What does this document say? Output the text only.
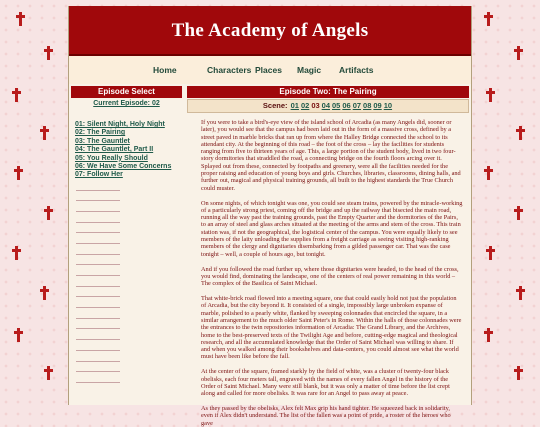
The Academy of Angels
Home	Characters Places Magic Artifacts
Episode Select	Episode Two: The Pairing
Current Episode: 02
01: Silent Night, Holy Night
02: The Pairing
03: The Gauntlet
04: The Gauntlet, Part II
05: You Really Should
06: We Have Some Concerns
07: Follow Her
Scene: 01 02 03 04 05 06 07 08 09 10

If you were to take a bird's-eye view of the island school of Arcadia (as many Angels did, sooner or later), you would see that the campus had been laid out in the form of a massive cross, defined by a street paved in marble bricks that ran up from where the Halley Bridge connected the school to its attendant city. At the beginning of this road – the foot of the cross – lay the facilities for students ranging from five to thirteen years of age. This, a large portion of the student body, lived in two four-story dormitories that straddled the road, a connecting bridge on the fourth floors arcing over it. Splayed out from these, connected by footpaths and greenery, were all the facilities needed for the proper raising and education of young boys and girls. Churches, libraries, classrooms, dining halls, and further out, magical and physical training grounds, all built to the highest standards the True Church could muster.

On some nights, of which tonight was one, you could see steam trains, powered by the miracle-working of a particularly strong priest, coming off the bridge and up the railway that bisected the main road, running all the way past the training grounds, past the Empty Quarter and the dormitories of the Pairs, to an array of steel and glass arches situated at the meeting of the arms and stem of the cross. This train station was, if not the geographical, the logistical center of the campus. You were equally likely to see members of the laity unloading the supplies from a freight carriage as seeing visiting high-ranking members of the clergy and dignitaries disembarking from a gilded passenger car. That was the case tonight – well, a couple of hours ago, but tonight.

And if you followed the road further up, where those dignitaries were headed, to the head of the cross, you would find, dominating the landscape, one of the centers of real power remaining in this world – The complex of the Basilica of Saint Michael.

That white-brick road flowed into a meeting square, one that could easily hold not just the population of Arcadia, but the city beyond it. It consisted of a single, impossibly large unbroken expanse of marble, polished to a pearly white, flanked by sweeping colonnades that encircled the square, in a similar arrangement to the much older Saint Peter's in Rome. Within the halls of those colonnades were the entrances to the twin repositories information of Arcadia: The Grand Library, and the Archives, home to the best-preserved texts of the Twilight Age and before, cutting-edge magical and theological research, and all the accumulated knowledge that the Order of Saint Michael was willing to share. If and when you walked among their bookshelves and data-centers, you could almost see what the world must have been like before the fall.

At the center of the square, framed starkly by the field of white, was a cluster of twenty-four black obelisks, each four meters tall, engraved with the names of every fallen Angel in the history of the Order of Saint Michael. Many were still blank, but it was only a matter of time before the list crept along and called for more obelisks. It was rare for an Angel to pass away at peace.

As they passed by the obelisks, Alex felt Max grip his hand tighter. He squeezed back in solidarity, even if Alex didn't understand. The list of the fallen was a point of pride, a roster of the heroes who gave
